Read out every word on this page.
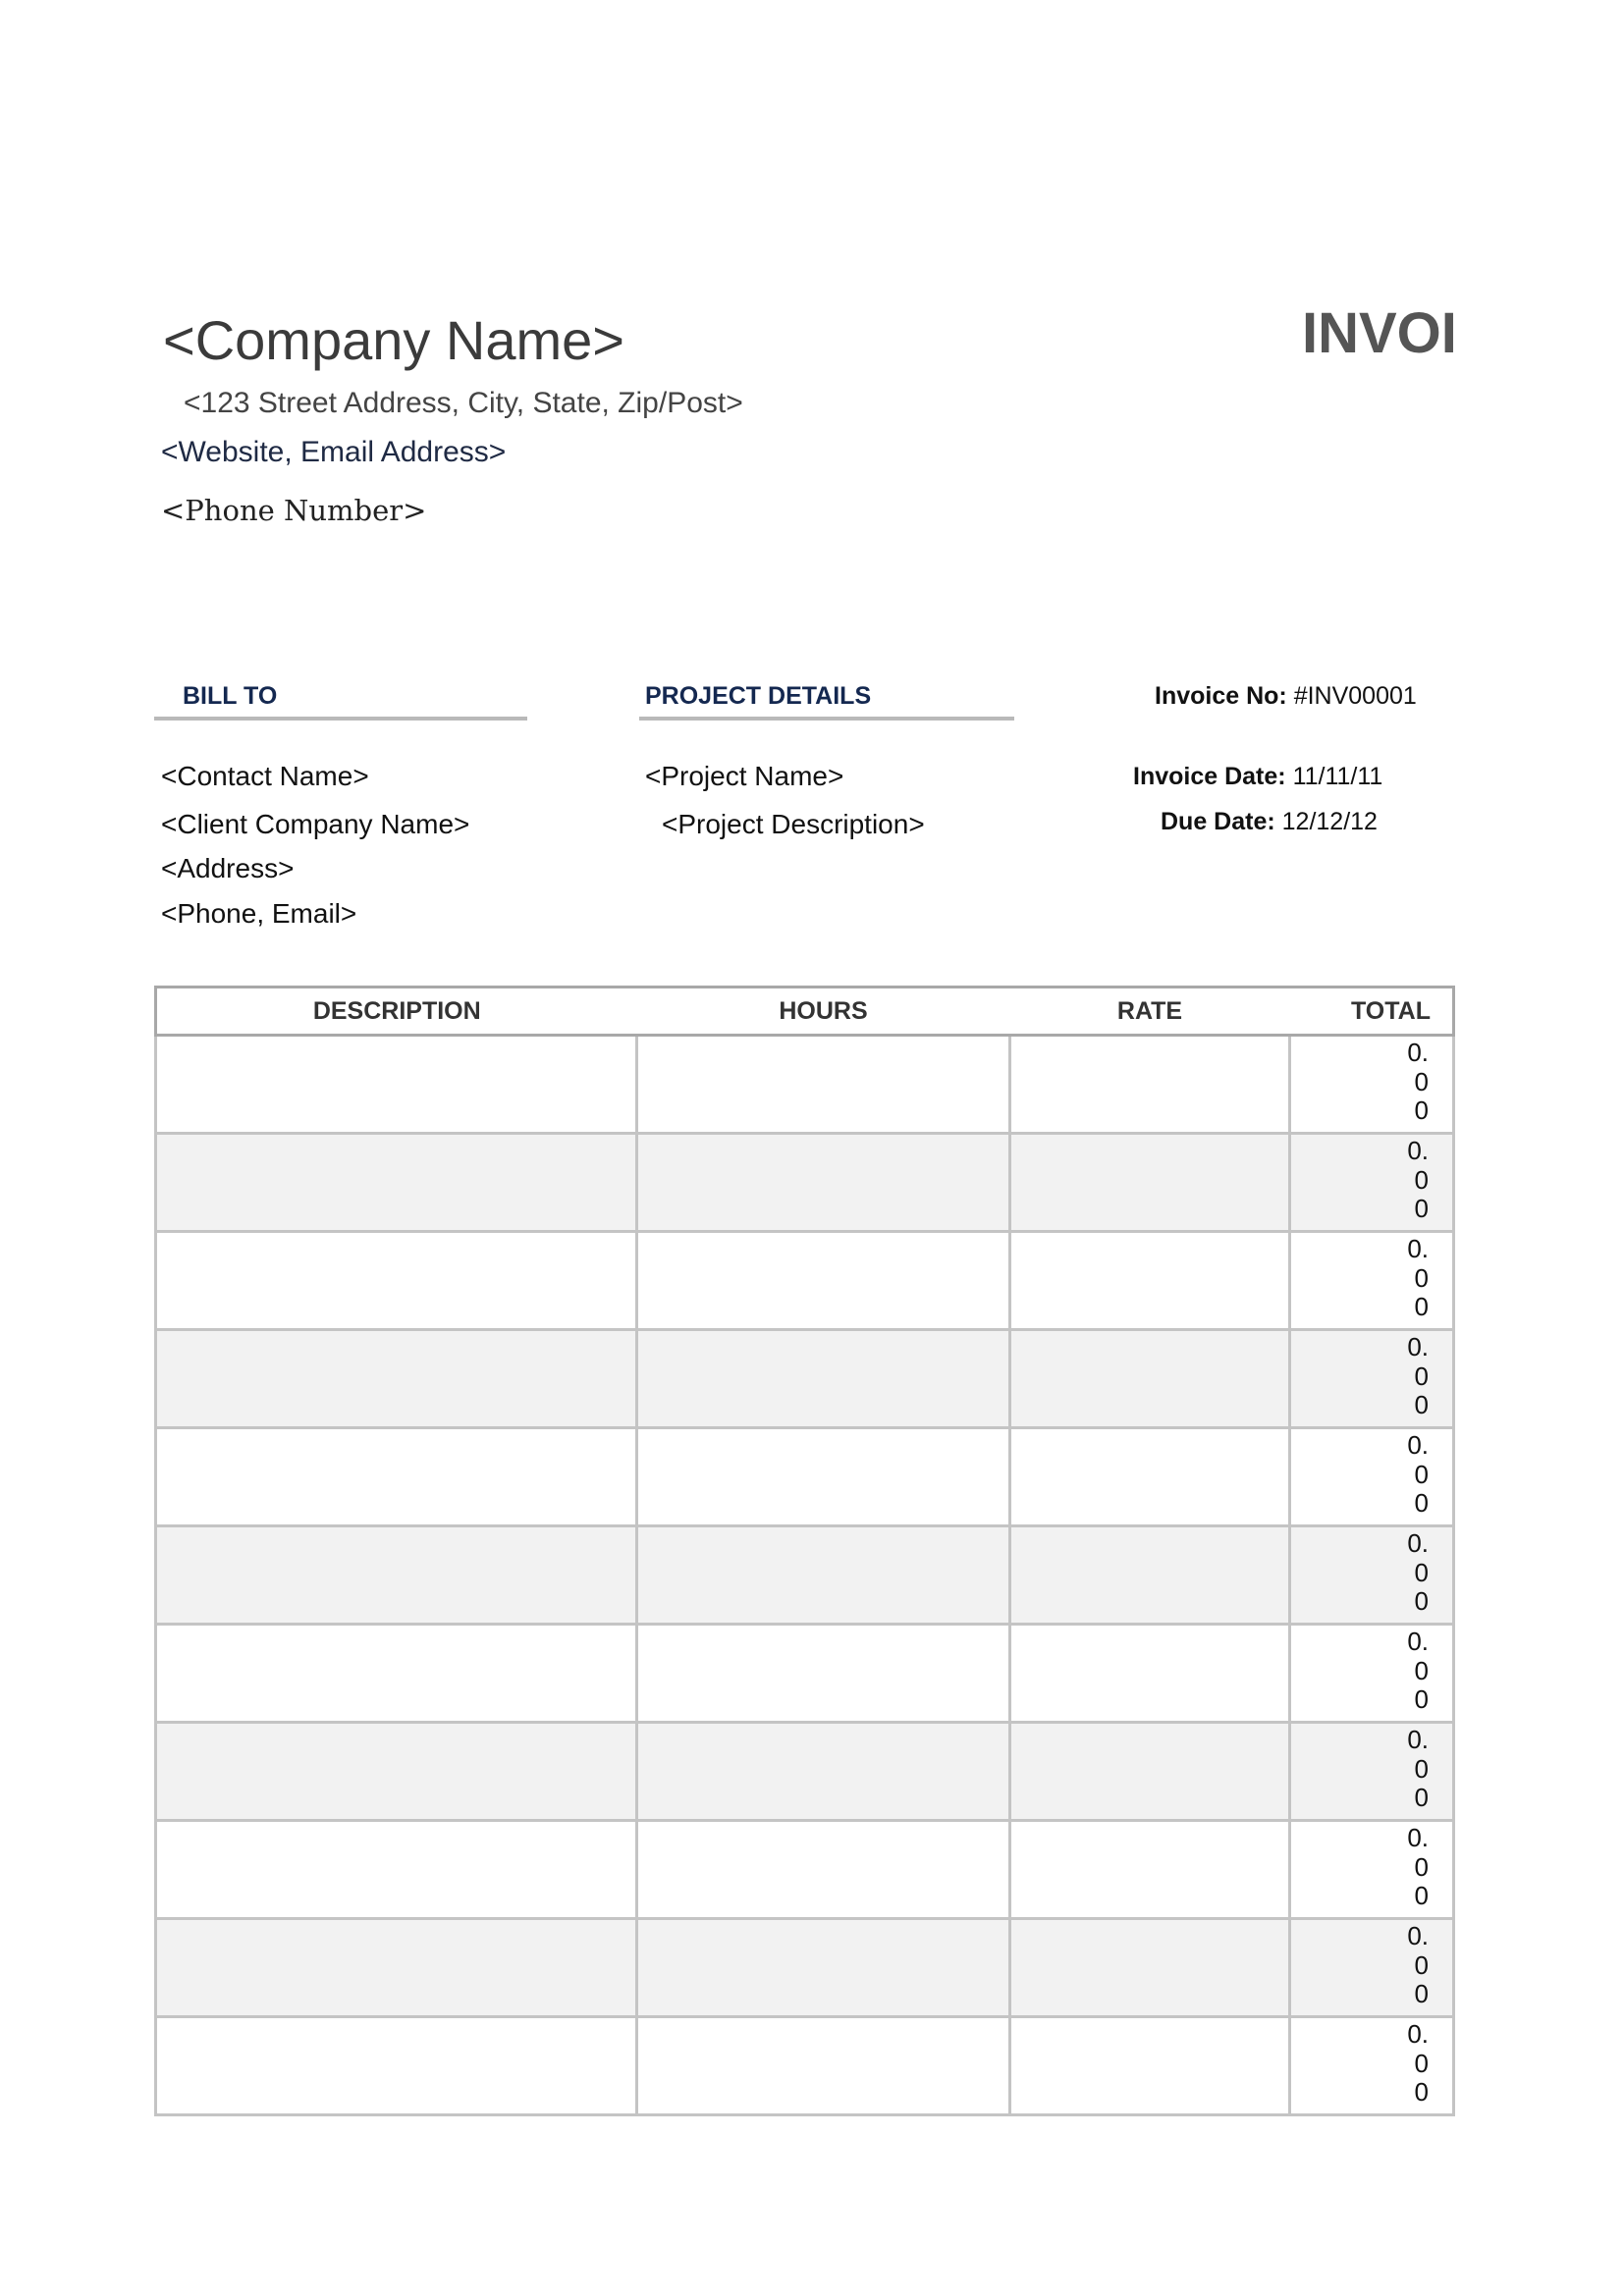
<Company Name>	INVOI
<123 Street Address, City, State, Zip/Post>
<Website, Email Address>
<Phone Number>
BILL TO	PROJECT DETAILS	Invoice No: #INV00001
<Contact Name>
<Client Company Name>
<Address>
<Phone, Email>
<Project Name>
<Project Description>
Invoice Date: 11/11/11
Due Date: 12/12/12
DESCRIPTION	HOURS	RATE	TOTAL
			0.
0
0
			0.
0
0
			0.
0
0
			0.
0
0
			0.
0
0
			0.
0
0
			0.
0
0
			0.
0
0
			0.
0
0
			0.
0
0
			0.
0
0
